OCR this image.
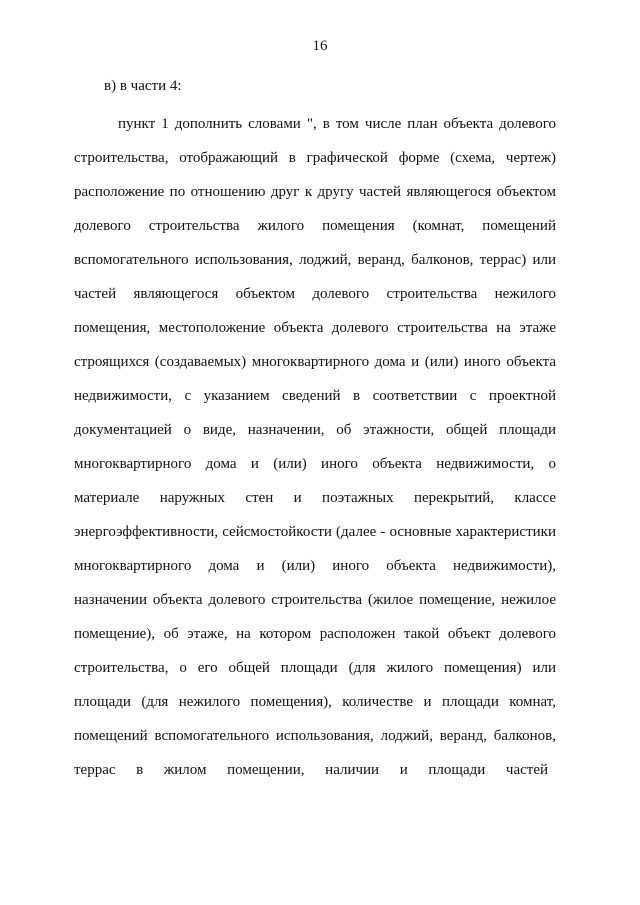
16
в) в части 4:
пункт 1 дополнить словами ", в том числе план объекта долевого
строительства, отображающий в графической форме (схема, чертеж)
расположение по отношению друг к другу частей являющегося объектом
долевого строительства жилого помещения (комнат, помещений
вспомогательного использования, лоджий, веранд, балконов, террас) или
частей являющегося объектом долевого строительства нежилого
помещения, местоположение объекта долевого строительства на этаже
строящихся (создаваемых) многоквартирного дома и (или) иного объекта
недвижимости, с указанием сведений в соответствии с проектной
документацией о виде, назначении, об этажности, общей площади
многоквартирного дома и (или) иного объекта недвижимости, о
материале наружных стен и поэтажных перекрытий, классе
энергоэффективности, сейсмостойкости (далее - основные характеристики
многоквартирного дома и (или) иного объекта недвижимости),
назначении объекта долевого строительства (жилое помещение, нежилое
помещение), об этаже, на котором расположен такой объект долевого
строительства, о его общей площади (для жилого помещения) или
площади (для нежилого помещения), количестве и площади комнат,
помещений вспомогательного использования, лоджий, веранд, балконов,
террас в жилом помещении, наличии и площади частей
